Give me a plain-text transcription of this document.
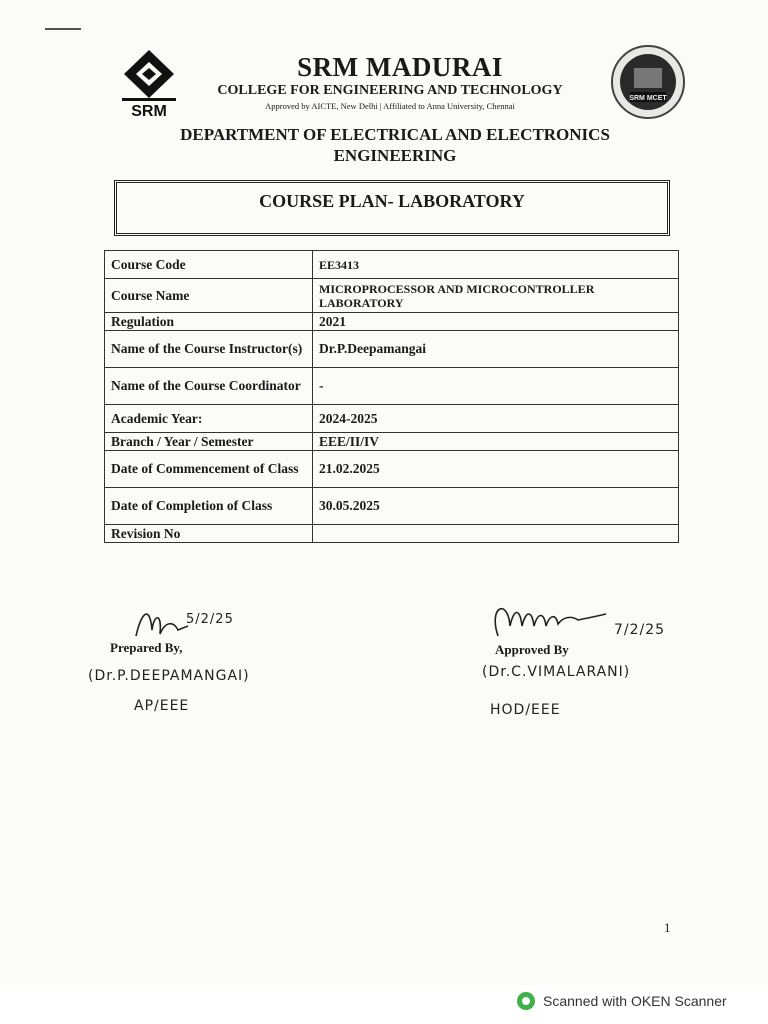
SRM
SRM MCET
SRM MADURAI
COLLEGE FOR ENGINEERING AND TECHNOLOGY
Approved by AICTE, New Delhi | Affiliated to Anna University, Chennai
DEPARTMENT OF ELECTRICAL AND ELECTRONICS
ENGINEERING
COURSE PLAN- LABORATORY
Course Code	EE3413
Course Name	MICROPROCESSOR AND MICROCONTROLLER LABORATORY
Regulation	2021
Name of the Course Instructor(s)	Dr.P.Deepamangai
Name of the Course Coordinator	-
Academic Year:	2024-2025
Branch / Year / Semester	EEE/II/IV
Date of Commencement of Class	21.02.2025
Date of Completion of Class	30.05.2025
Revision No	
5/2/25
Prepared By,
(Dr.P.DEEPAMANGAI)
AP/EEE
7/2/25
Approved By
(Dr.C.VIMALARANI)
HOD/EEE
1
Scanned with OKEN Scanner
